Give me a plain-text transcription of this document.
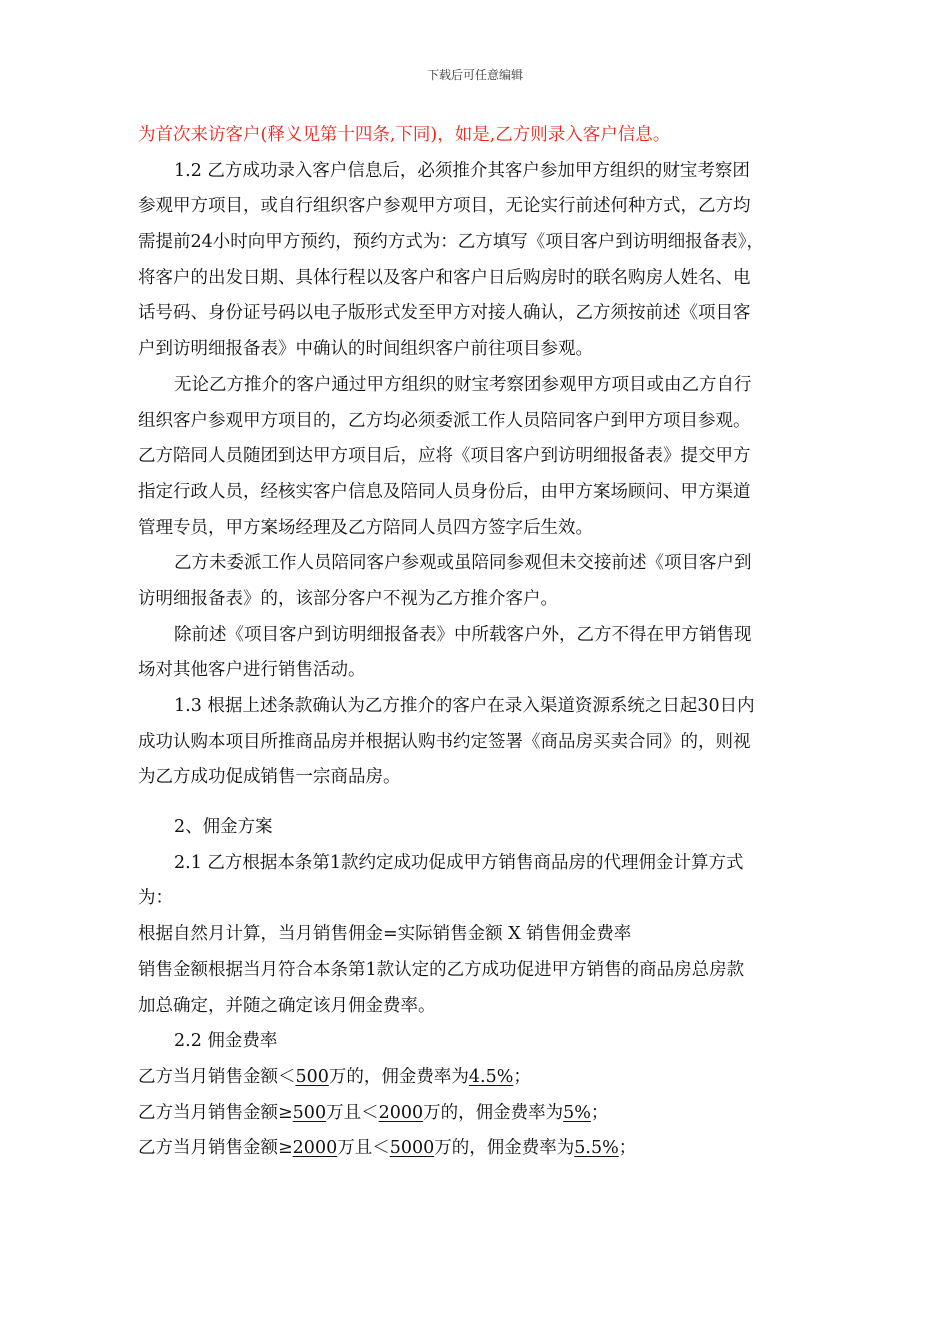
下载后可任意编辑
为首次来访客户(释义见第十四条,下同)，如是,乙方则录入客户信息。
1.2 乙方成功录入客户信息后，必须推介其客户参加甲方组织的财宝考察团
参观甲方项目，或自行组织客户参观甲方项目，无论实行前述何种方式，乙方均
需提前24小时向甲方预约，预约方式为：乙方填写《项目客户到访明细报备表》，
将客户的出发日期、具体行程以及客户和客户日后购房时的联名购房人姓名、电
话号码、身份证号码以电子版形式发至甲方对接人确认，乙方须按前述《项目客
户到访明细报备表》中确认的时间组织客户前往项目参观。
无论乙方推介的客户通过甲方组织的财宝考察团参观甲方项目或由乙方自行
组织客户参观甲方项目的，乙方均必须委派工作人员陪同客户到甲方项目参观。
乙方陪同人员随团到达甲方项目后，应将《项目客户到访明细报备表》提交甲方
指定行政人员，经核实客户信息及陪同人员身份后，由甲方案场顾问、甲方渠道
管理专员，甲方案场经理及乙方陪同人员四方签字后生效。
乙方未委派工作人员陪同客户参观或虽陪同参观但未交接前述《项目客户到
访明细报备表》的，该部分客户不视为乙方推介客户。
除前述《项目客户到访明细报备表》中所载客户外，乙方不得在甲方销售现
场对其他客户进行销售活动。
1.3 根据上述条款确认为乙方推介的客户在录入渠道资源系统之日起30日内
成功认购本项目所推商品房并根据认购书约定签署《商品房买卖合同》的，则视
为乙方成功促成销售一宗商品房。
2、佣金方案
2.1 乙方根据本条第1款约定成功促成甲方销售商品房的代理佣金计算方式
为：
根据自然月计算，当月销售佣金=实际销售金额 X 销售佣金费率
销售金额根据当月符合本条第1款认定的乙方成功促进甲方销售的商品房总房款
加总确定，并随之确定该月佣金费率。
2.2 佣金费率
乙方当月销售金额＜500万的，佣金费率为4.5%；
乙方当月销售金额≥500万且＜2000万的，佣金费率为5%；
乙方当月销售金额≥2000万且＜5000万的，佣金费率为5.5%；
